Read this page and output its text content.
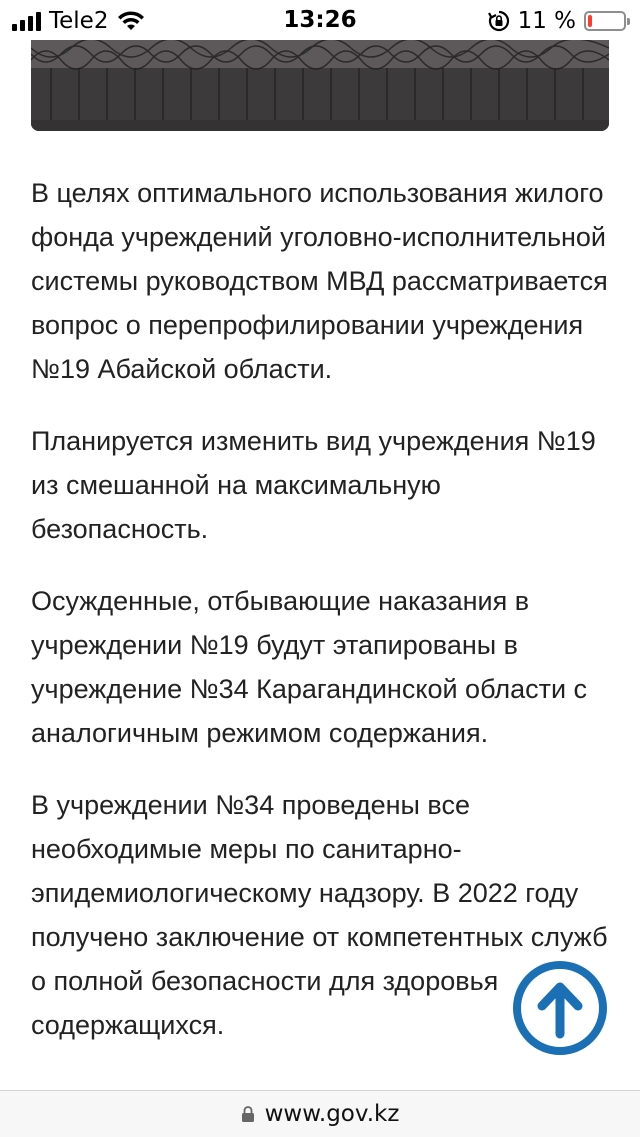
Tele2	13:26	11 %

В целях оптимального использования жилого фонда учреждений уголовно-исполнительной системы руководством МВД рассматривается вопрос о перепрофилировании учреждения №19 Абайской области.

Планируется изменить вид учреждения №19 из смешанной на максимальную безопасность.

Осужденные, отбывающие наказания в учреждении №19 будут этапированы в учреждение №34 Карагандинской области с аналогичным режимом содержания.

В учреждении №34 проведены все необходимые меры по санитарно-эпидемиологическому надзору. В 2022 году получено заключение от компетентных служб о полной безопасности для здоровья содержащихся.

www.gov.kz
